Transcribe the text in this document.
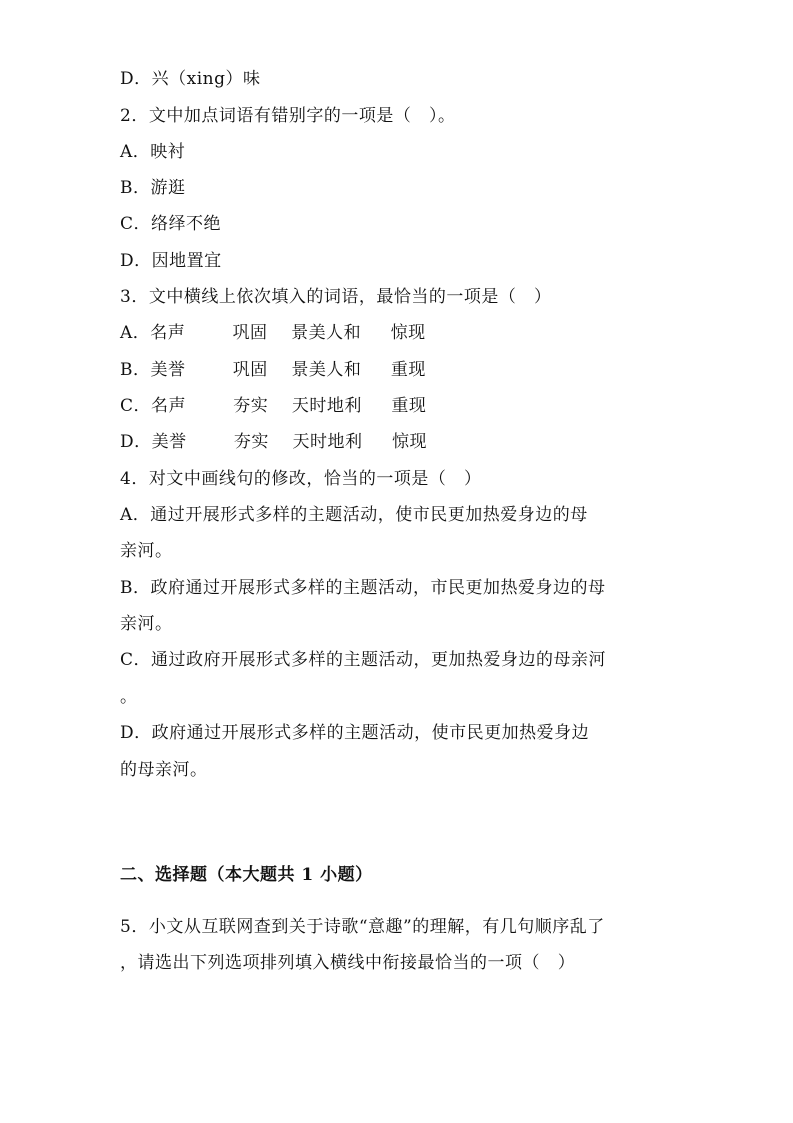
D．兴（xing）味
2．文中加点词语有错别字的一项是（   ）。
A．映衬
B．游逛
C．络绎不绝
D．因地置宜
3．文中横线上依次填入的词语，最恰当的一项是（   ）
A．名声        巩固    景美人和     惊现
B．美誉        巩固    景美人和     重现
C．名声        夯实    天时地利     重现
D．美誉        夯实    天时地利     惊现
4．对文中画线句的修改，恰当的一项是（   ）
A．通过开展形式多样的主题活动，使市民更加热爱身边的母
亲河。
B．政府通过开展形式多样的主题活动，市民更加热爱身边的母
亲河。
C．通过政府开展形式多样的主题活动，更加热爱身边的母亲河
。
D．政府通过开展形式多样的主题活动，使市民更加热爱身边
的母亲河。
二、选择题（本大题共 1 小题）
5．小文从互联网查到关于诗歌“意趣”的理解，有几句顺序乱了
，请选出下列选项排列填入横线中衔接最恰当的一项（   ）
